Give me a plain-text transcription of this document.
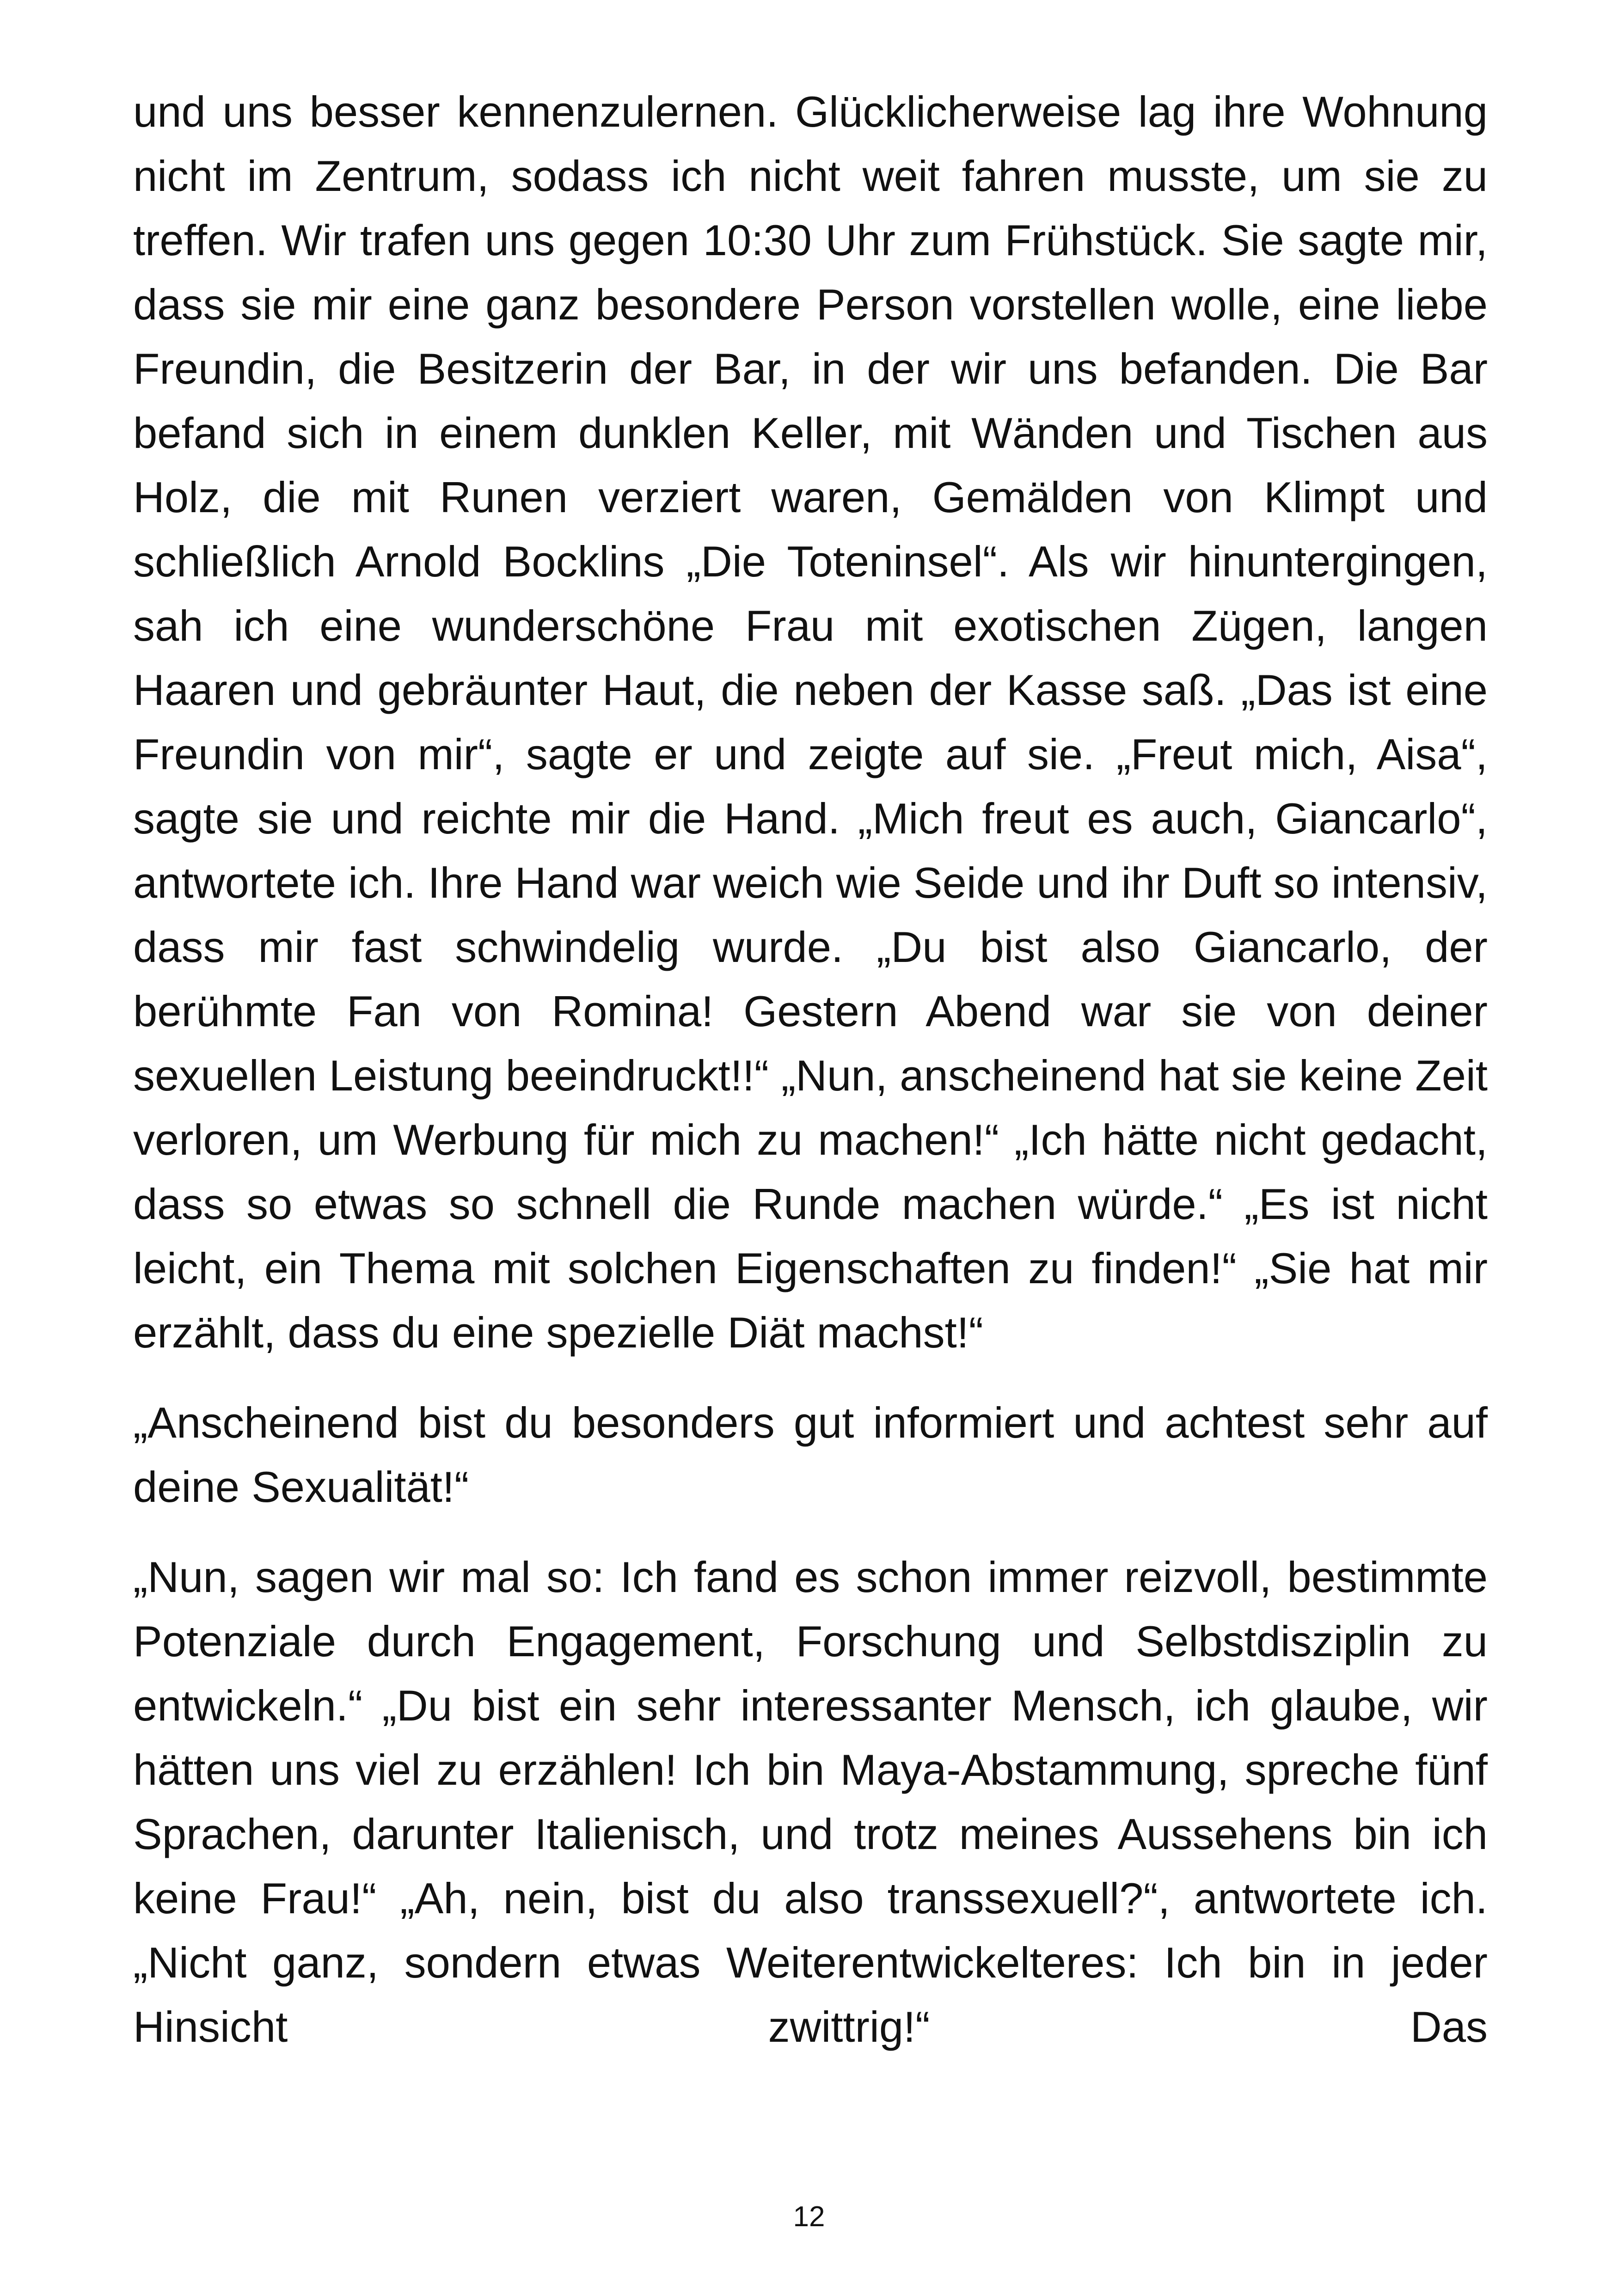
und uns besser kennenzulernen. Glücklicherweise lag ihre Wohnung nicht im Zentrum, sodass ich nicht weit fahren musste, um sie zu treffen. Wir trafen uns gegen 10:30 Uhr zum Frühstück. Sie sagte mir, dass sie mir eine ganz besondere Person vorstellen wolle, eine liebe Freundin, die Besitzerin der Bar, in der wir uns befanden. Die Bar befand sich in einem dunklen Keller, mit Wänden und Tischen aus Holz, die mit Runen verziert waren, Gemälden von Klimpt und schließlich Arnold Bocklins „Die Toteninsel“. Als wir hinuntergingen, sah ich eine wunderschöne Frau mit exotischen Zügen, langen Haaren und gebräunter Haut, die neben der Kasse saß. „Das ist eine Freundin von mir“, sagte er und zeigte auf sie. „Freut mich, Aisa“, sagte sie und reichte mir die Hand. „Mich freut es auch, Giancarlo“, antwortete ich. Ihre Hand war weich wie Seide und ihr Duft so intensiv, dass mir fast schwindelig wurde. „Du bist also Giancarlo, der berühmte Fan von Romina! Gestern Abend war sie von deiner sexuellen Leistung beeindruckt!!“ „Nun, anscheinend hat sie keine Zeit verloren, um Werbung für mich zu machen!“ „Ich hätte nicht gedacht, dass so etwas so schnell die Runde machen würde.“ „Es ist nicht leicht, ein Thema mit solchen Eigenschaften zu finden!“ „Sie hat mir erzählt, dass du eine spezielle Diät machst!“

„Anscheinend bist du besonders gut informiert und achtest sehr auf deine Sexualität!“

„Nun, sagen wir mal so: Ich fand es schon immer reizvoll, bestimmte Potenziale durch Engagement, Forschung und Selbstdisziplin zu entwickeln.“ „Du bist ein sehr interessanter Mensch, ich glaube, wir hätten uns viel zu erzählen! Ich bin Maya-Abstammung, spreche fünf Sprachen, darunter Italienisch, und trotz meines Aussehens bin ich keine Frau!“ „Ah, nein, bist du also transsexuell?“, antwortete ich. „Nicht ganz, sondern etwas Weiterentwickelteres: Ich bin in jeder Hinsicht zwittrig!“ Das

12
